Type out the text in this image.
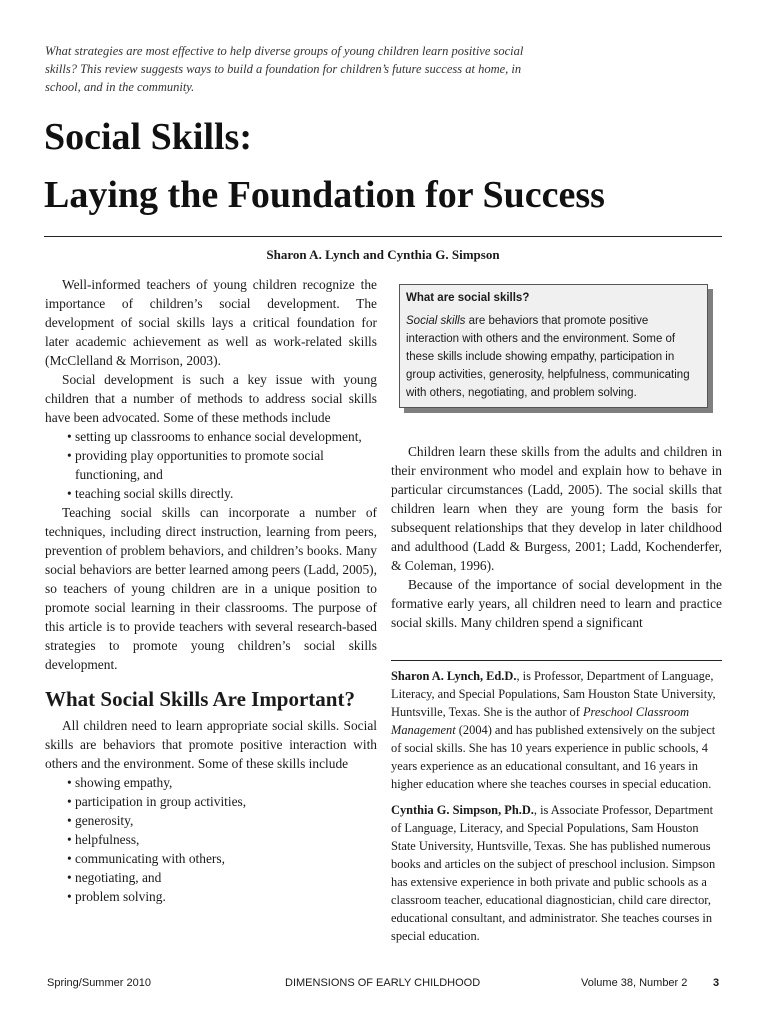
What strategies are most effective to help diverse groups of young children learn positive social skills? This review suggests ways to build a foundation for children’s future success at home, in school, and in the community.
Social Skills:
Laying the Foundation for Success
Sharon A. Lynch and Cynthia G. Simpson

Well-informed teachers of young children recognize the importance of children’s social development. The development of social skills lays a critical foundation for later academic achievement as well as work-related skills (McClelland & Morrison, 2003).

Social development is such a key issue with young children that a number of methods to address social skills have been advocated. Some of these methods include

• setting up classrooms to enhance social development,
• providing play opportunities to promote social functioning, and
• teaching social skills directly.

Teaching social skills can incorporate a number of techniques, including direct instruction, learning from peers, prevention of problem behaviors, and children’s books. Many social behaviors are better learned among peers (Ladd, 2005), so teachers of young children are in a unique position to promote social learning in their classrooms. The purpose of this article is to provide teachers with several research-based strategies to promote young children’s social skills development.

What Social Skills Are Important?

All children need to learn appropriate social skills. Social skills are behaviors that promote positive interaction with others and the environment. Some of these skills include

• showing empathy,
• participation in group activities,
• generosity,
• helpfulness,
• communicating with others,
• negotiating, and
• problem solving.
What are social skills?
Social skills are behaviors that promote positive interaction with others and the environment. Some of these skills include showing empathy, participation in group activities, generosity, helpfulness, communicating with others, negotiating, and problem solving.

Children learn these skills from the adults and children in their environment who model and explain how to behave in particular circumstances (Ladd, 2005). The social skills that children learn when they are young form the basis for subsequent relationships that they develop in later childhood and adulthood (Ladd & Burgess, 2001; Ladd, Kochenderfer, & Coleman, 1996).

Because of the importance of social development in the formative early years, all children need to learn and practice social skills. Many children spend a significant

Sharon A. Lynch, Ed.D., is Professor, Department of Language, Literacy, and Special Populations, Sam Houston State University, Huntsville, Texas. She is the author of Preschool Classroom Management (2004) and has published extensively on the subject of social skills. She has 10 years experience in public schools, 4 years experience as an educational consultant, and 16 years in higher education where she teaches courses in special education.

Cynthia G. Simpson, Ph.D., is Associate Professor, Department of Language, Literacy, and Special Populations, Sam Houston State University, Huntsville, Texas. She has published numerous books and articles on the subject of preschool inclusion. Simpson has extensive experience in both private and public schools as a classroom teacher, educational diagnostician, child care director, educational consultant, and administrator. She teaches courses in special education.

Spring/Summer 2010	DIMENSIONS OF EARLY CHILDHOOD	Volume 38, Number 2 3
